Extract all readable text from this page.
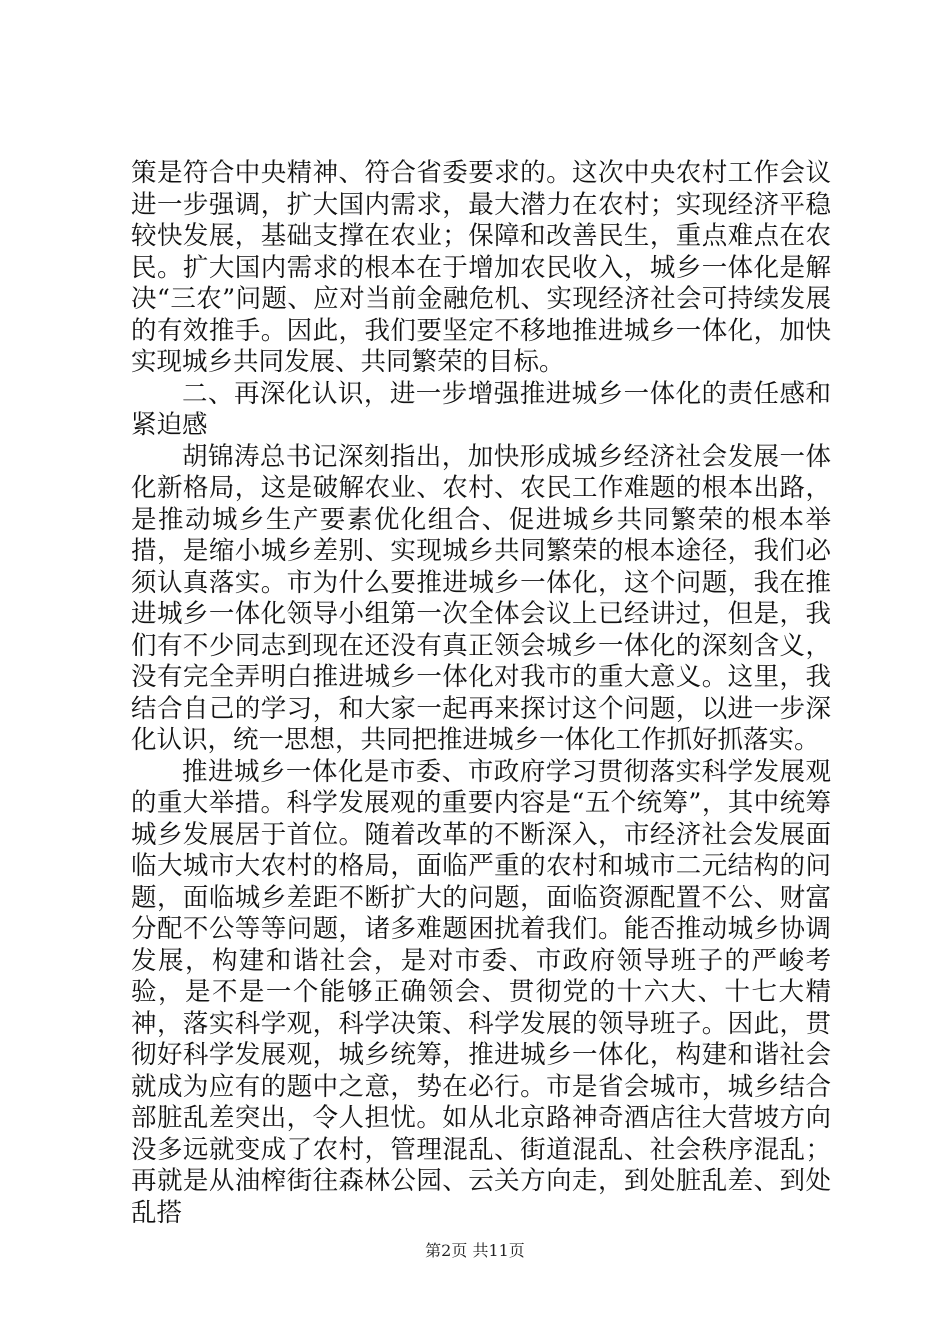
策是符合中央精神、符合省委要求的。这次中央农村工作会议进一步强调，扩大国内需求，最大潜力在农村；实现经济平稳较快发展，基础支撑在农业；保障和改善民生，重点难点在农民。扩大国内需求的根本在于增加农民收入，城乡一体化是解决“三农”问题、应对当前金融危机、实现经济社会可持续发展的有效推手。因此，我们要坚定不移地推进城乡一体化，加快实现城乡共同发展、共同繁荣的目标。

二、再深化认识，进一步增强推进城乡一体化的责任感和紧迫感

胡锦涛总书记深刻指出，加快形成城乡经济社会发展一体化新格局，这是破解农业、农村、农民工作难题的根本出路，是推动城乡生产要素优化组合、促进城乡共同繁荣的根本举措，是缩小城乡差别、实现城乡共同繁荣的根本途径，我们必须认真落实。市为什么要推进城乡一体化，这个问题，我在推进城乡一体化领导小组第一次全体会议上已经讲过，但是，我们有不少同志到现在还没有真正领会城乡一体化的深刻含义，没有完全弄明白推进城乡一体化对我市的重大意义。这里，我结合自己的学习，和大家一起再来探讨这个问题，以进一步深化认识，统一思想，共同把推进城乡一体化工作抓好抓落实。

推进城乡一体化是市委、市政府学习贯彻落实科学发展观的重大举措。科学发展观的重要内容是“五个统筹”，其中统筹城乡发展居于首位。随着改革的不断深入，市经济社会发展面临大城市大农村的格局，面临严重的农村和城市二元结构的问题，面临城乡差距不断扩大的问题，面临资源配置不公、财富分配不公等等问题，诸多难题困扰着我们。能否推动城乡协调发展，构建和谐社会，是对市委、市政府领导班子的严峻考验，是不是一个能够正确领会、贯彻党的十六大、十七大精神，落实科学观，科学决策、科学发展的领导班子。因此，贯彻好科学发展观，城乡统筹，推进城乡一体化，构建和谐社会就成为应有的题中之意，势在必行。市是省会城市，城乡结合部脏乱差突出，令人担忧。如从北京路神奇酒店往大营坡方向没多远就变成了农村，管理混乱、街道混乱、社会秩序混乱；再就是从油榨街往森林公园、云关方向走，到处脏乱差、到处乱搭

第2页 共11页
